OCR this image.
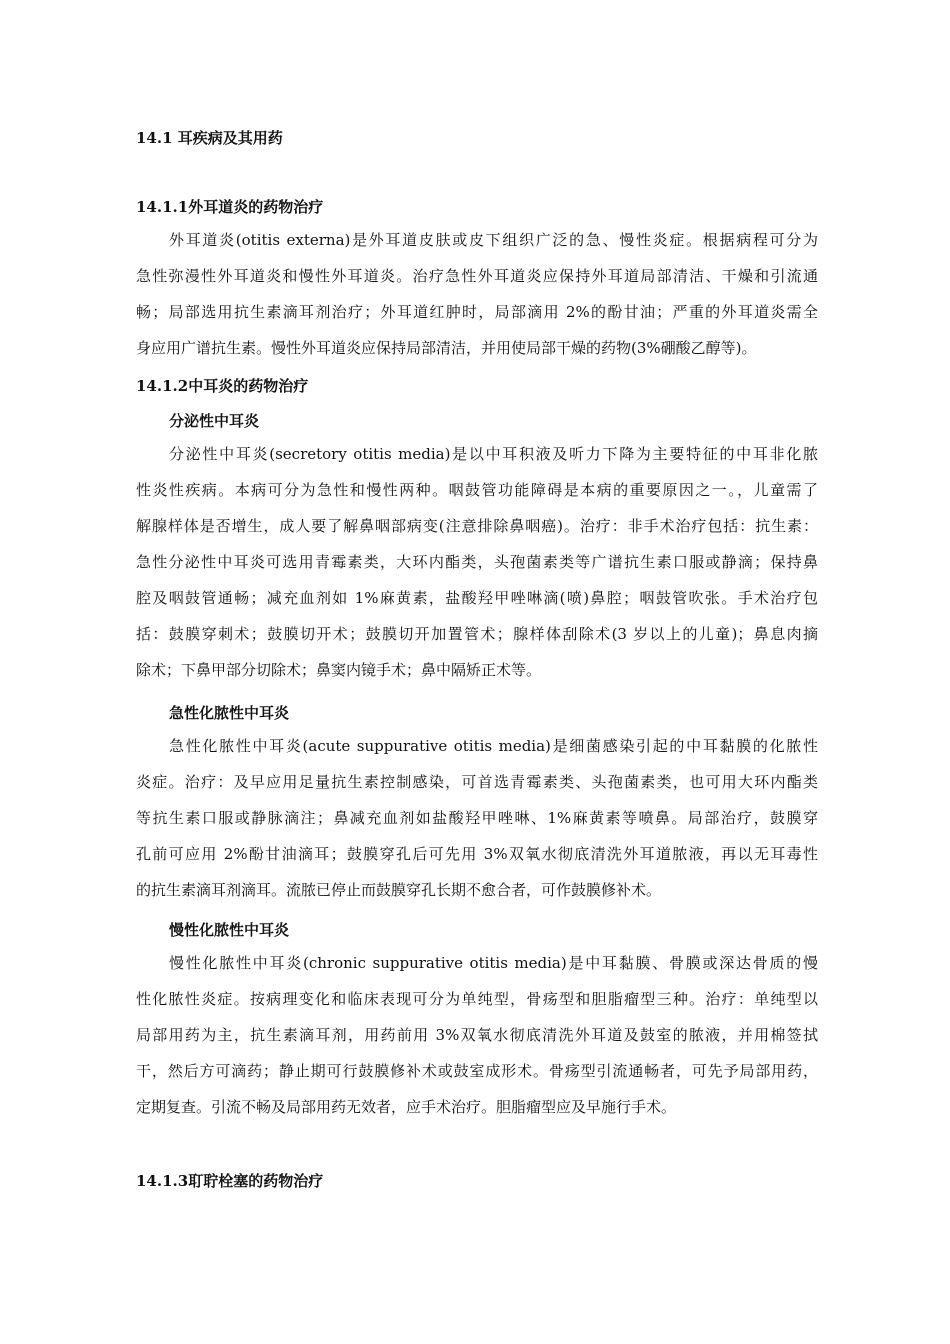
14.1 耳疾病及其用药
14.1.1外耳道炎的药物治疗

外耳道炎(otitis externa)是外耳道皮肤或皮下组织广泛的急、慢性炎症。根据病程可分为
急性弥漫性外耳道炎和慢性外耳道炎。治疗急性外耳道炎应保持外耳道局部清洁、干燥和引流通
畅；局部选用抗生素滴耳剂治疗；外耳道红肿时，局部滴用 2%的酚甘油；严重的外耳道炎需全
身应用广谱抗生素。慢性外耳道炎应保持局部清洁，并用使局部干燥的药物(3%硼酸乙醇等)。

14.1.2中耳炎的药物治疗
分泌性中耳炎

分泌性中耳炎(secretory otitis media)是以中耳积液及听力下降为主要特征的中耳非化脓
性炎性疾病。本病可分为急性和慢性两种。咽鼓管功能障碍是本病的重要原因之一。，儿童需了
解腺样体是否增生，成人要了解鼻咽部病变(注意排除鼻咽癌)。治疗：非手术治疗包括：抗生素：
急性分泌性中耳炎可选用青霉素类，大环内酯类，头孢菌素类等广谱抗生素口服或静滴；保持鼻
腔及咽鼓管通畅；减充血剂如 1%麻黄素，盐酸羟甲唑啉滴(喷)鼻腔；咽鼓管吹张。手术治疗包
括：鼓膜穿刺术；鼓膜切开术；鼓膜切开加置管术；腺样体刮除术(3 岁以上的儿童)；鼻息肉摘
除术；下鼻甲部分切除术；鼻窦内镜手术；鼻中隔矫正术等。

急性化脓性中耳炎

急性化脓性中耳炎(acute suppurative otitis media)是细菌感染引起的中耳黏膜的化脓性
炎症。治疗：及早应用足量抗生素控制感染，可首选青霉素类、头孢菌素类，也可用大环内酯类
等抗生素口服或静脉滴注；鼻减充血剂如盐酸羟甲唑啉、1%麻黄素等喷鼻。局部治疗，鼓膜穿
孔前可应用 2%酚甘油滴耳；鼓膜穿孔后可先用 3%双氧水彻底清洗外耳道脓液，再以无耳毒性
的抗生素滴耳剂滴耳。流脓已停止而鼓膜穿孔长期不愈合者，可作鼓膜修补术。

慢性化脓性中耳炎

慢性化脓性中耳炎(chronic suppurative otitis media)是中耳黏膜、骨膜或深达骨质的慢
性化脓性炎症。按病理变化和临床表现可分为单纯型，骨疡型和胆脂瘤型三种。治疗：单纯型以
局部用药为主，抗生素滴耳剂，用药前用 3%双氧水彻底清洗外耳道及鼓室的脓液，并用棉签拭
干，然后方可滴药；静止期可行鼓膜修补术或鼓室成形术。骨疡型引流通畅者，可先予局部用药，
定期复查。引流不畅及局部用药无效者，应手术治疗。胆脂瘤型应及早施行手术。

14.1.3耵聍栓塞的药物治疗
